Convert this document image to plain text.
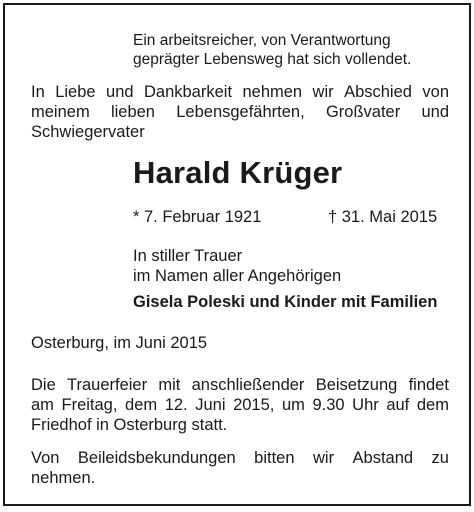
Ein arbeitsreicher, von Verantwortung
geprägter Lebensweg hat sich vollendet.
In Liebe und Dankbarkeit nehmen wir Abschied von
meinem lieben Lebensgefährten, Großvater und
Schwiegervater
Harald Krüger
* 7. Februar 1921	† 31. Mai 2015
In stiller Trauer
im Namen aller Angehörigen
Gisela Poleski und Kinder mit Familien
Osterburg, im Juni 2015
Die Trauerfeier mit anschließender Beisetzung findet
am Freitag, dem 12. Juni 2015, um 9.30 Uhr auf dem
Friedhof in Osterburg statt.
Von Beileidsbekundungen bitten wir Abstand zu
nehmen.
